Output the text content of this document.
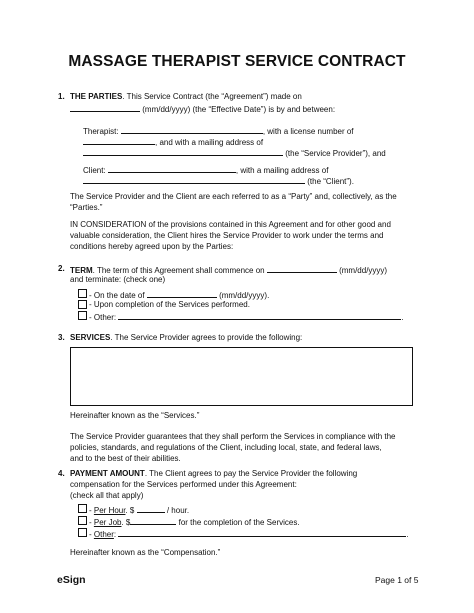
MASSAGE THERAPIST SERVICE CONTRACT
1. THE PARTIES. This Service Contract (the “Agreement”) made on
(mm/dd/yyyy) (the “Effective Date”) is by and between:
Therapist:	, with a license number of
, and with a mailing address of
(the “Service Provider”), and
Client:	, with a mailing address of
(the “Client”).
The Service Provider and the Client are each referred to as a “Party” and, collectively, as the
“Parties.”
IN CONSIDERATION of the provisions contained in this Agreement and for other good and
valuable consideration, the Client hires the Service Provider to work under the terms and
conditions hereby agreed upon by the Parties:
2. TERM. The term of this Agreement shall commence on	(mm/dd/yyyy)
and terminate: (check one)
- On the date of	(mm/dd/yyyy).
- Upon completion of the Services performed.
- Other:	.
3. SERVICES. The Service Provider agrees to provide the following:
Hereinafter known as the “Services.”
The Service Provider guarantees that they shall perform the Services in compliance with the
policies, standards, and regulations of the Client, including local, state, and federal laws,
and to the best of their abilities.
4. PAYMENT AMOUNT. The Client agrees to pay the Service Provider the following
compensation for the Services performed under this Agreement:
(check all that apply)
- Per Hour. $	/ hour.
- Per Job. $	for the completion of the Services.
- Other:	.
Hereinafter known as the “Compensation.”
eSign	Page 1 of 5
